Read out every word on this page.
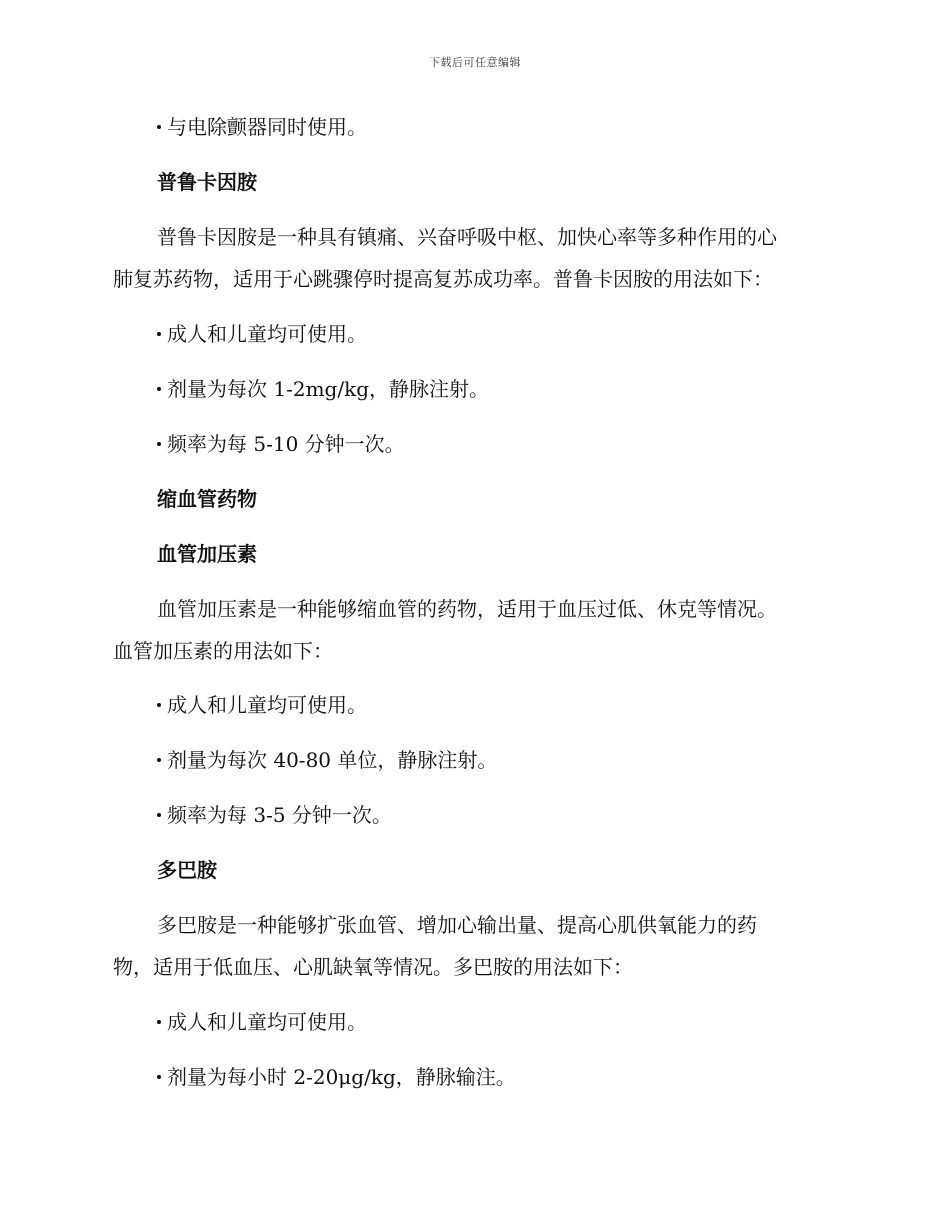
下载后可任意编辑
与电除颤器同时使用。
普鲁卡因胺
普鲁卡因胺是一种具有镇痛、兴奋呼吸中枢、加快心率等多种作用的心
肺复苏药物，适用于心跳骤停时提高复苏成功率。普鲁卡因胺的用法如下：
成人和儿童均可使用。
剂量为每次 1-2mg/kg，静脉注射。
频率为每 5-10 分钟一次。
缩血管药物
血管加压素
血管加压素是一种能够缩血管的药物，适用于血压过低、休克等情况。
血管加压素的用法如下：
成人和儿童均可使用。
剂量为每次 40-80 单位，静脉注射。
频率为每 3-5 分钟一次。
多巴胺
多巴胺是一种能够扩张血管、增加心输出量、提高心肌供氧能力的药
物，适用于低血压、心肌缺氧等情况。多巴胺的用法如下：
成人和儿童均可使用。
剂量为每小时 2-20μg/kg，静脉输注。
